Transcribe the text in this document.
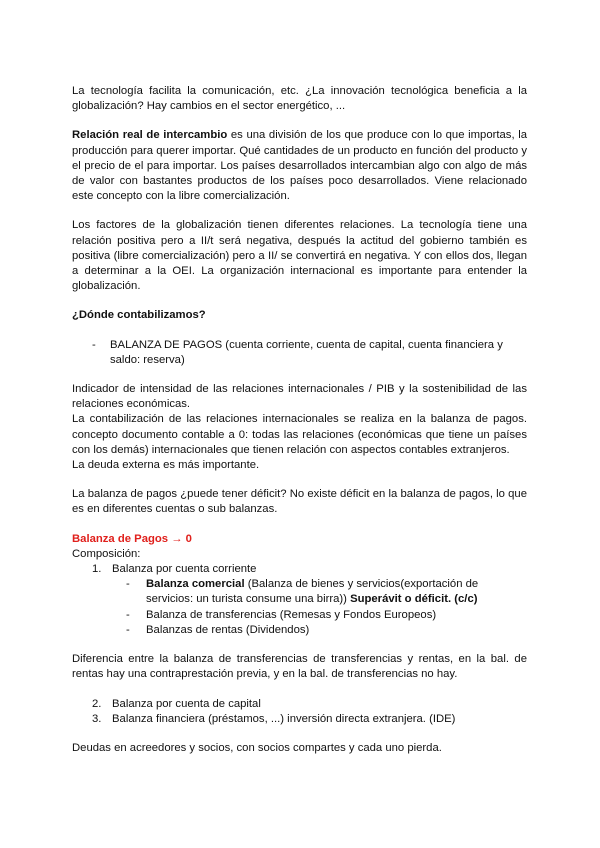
La tecnología facilita la comunicación, etc. ¿La innovación tecnológica beneficia a la globalización? Hay cambios en el sector energético, ...

Relación real de intercambio es una división de los que produce con lo que importas, la producción para querer importar. Qué cantidades de un producto en función del producto y el precio de el para importar. Los países desarrollados intercambian algo con algo de más de valor con bastantes productos de los países poco desarrollados. Viene relacionado este concepto con la libre comercialización.

Los factores de la globalización tienen diferentes relaciones. La tecnología tiene una relación positiva pero a II/t será negativa, después la actitud del gobierno también es positiva (libre comercialización) pero a II/ se convertirá en negativa. Y con ellos dos, llegan a determinar a la OEI. La organización internacional es importante para entender la globalización.

¿Dónde contabilizamos?

-	BALANZA DE PAGOS (cuenta corriente, cuenta de capital, cuenta financiera y saldo: reserva)

Indicador de intensidad de las relaciones internacionales / PIB y la sostenibilidad de las relaciones económicas.

La contabilización de las relaciones internacionales se realiza en la balanza de pagos. concepto documento contable a 0: todas las relaciones (económicas que tiene un países con los demás) internacionales que tienen relación con aspectos contables extranjeros.

La deuda externa es más importante.

La balanza de pagos ¿puede tener déficit? No existe déficit en la balanza de pagos, lo que es en diferentes cuentas o sub balanzas.

Balanza de Pagos → 0

Composición:

1. Balanza por cuenta corriente
-	Balanza comercial (Balanza de bienes y servicios(exportación de servicios: un turista consume una birra)) Superávit o déficit. (c/c)
-	Balanza de transferencias (Remesas y Fondos Europeos)
-	Balanzas de rentas (Dividendos)

Diferencia entre la balanza de transferencias de transferencias y rentas, en la bal. de rentas hay una contraprestación previa, y en la bal. de transferencias no hay.

2. Balanza por cuenta de capital
3. Balanza financiera (préstamos, ...) inversión directa extranjera. (IDE)

Deudas en acreedores y socios, con socios compartes y cada uno pierda.
